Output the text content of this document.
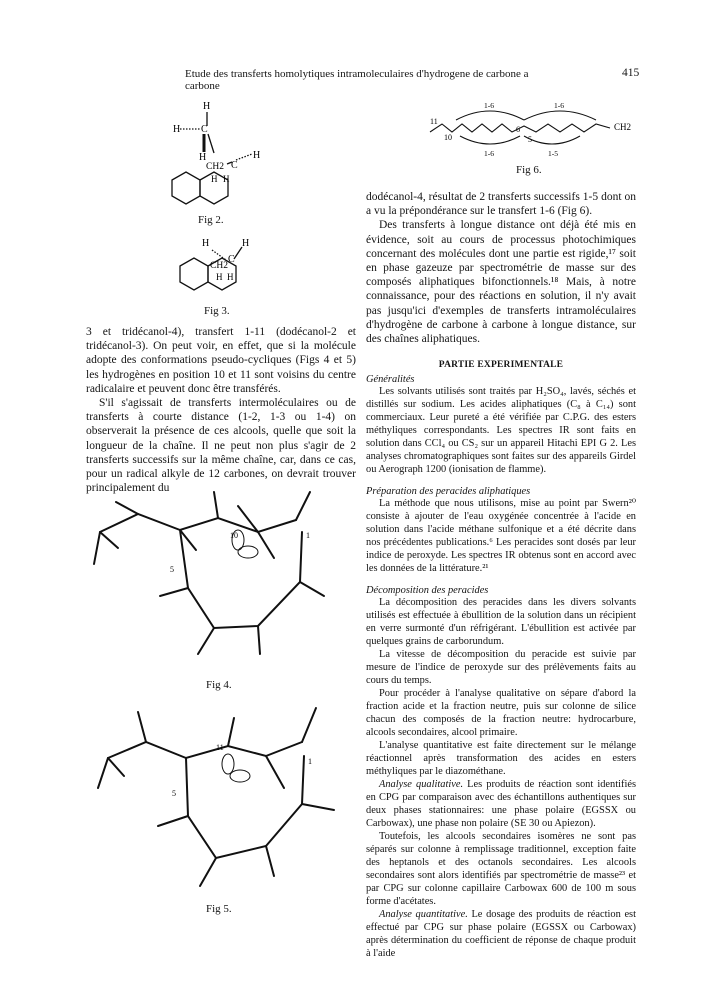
Etude des transferts homolytiques intramoleculaires d'hydrogene de carbone a carbone
415
H
H C
H
CH2 C
H
H H
Fig 2.
H	H
CH2
C
H H
Fig 3.

3 et tridécanol-4), transfert 1-11 (dodécanol-2 et tridécanol-3). On peut voir, en effet, que si la molécule adopte des conformations pseudo-cycliques (Figs 4 et 5) les hydrogènes en position 10 et 11 sont voisins du centre radicalaire et peuvent donc être transférés.

S'il s'agissait de transferts intermoléculaires ou de transferts à courte distance (1-2, 1-3 ou 1-4) on observerait la présence de ces alcools, quelle que soit la longueur de la chaîne. Il ne peut non plus s'agir de 2 transferts successifs sur la même chaîne, car, dans ce cas, pour un radical alkyle de 12 carbones, on devrait trouver principalement du

10	1
5
Fig 4.
11
1
5
Fig 5.
1-6	1-6
11
10
6
5
CH2
1-6	1-5
Fig 6.

dodécanol-4, résultat de 2 transferts successifs 1-5 dont on a vu la prépondérance sur le transfert 1-6 (Fig 6).

Des transferts à longue distance ont déjà été mis en évidence, soit au cours de processus photochimiques concernant des molécules dont une partie est rigide,¹⁷ soit en phase gazeuze par spectrométrie de masse sur des composés aliphatiques bifonctionnels.¹⁸ Mais, à notre connaissance, pour des réactions en solution, il n'y avait pas jusqu'ici d'exemples de transferts intramoléculaires d'hydrogène de carbone à carbone à longue distance, sur des chaînes aliphatiques.

PARTIE EXPERIMENTALE
Généralités

Les solvants utilisés sont traités par H₂SO₄, lavés, séchés et distillés sur sodium. Les acides aliphatiques (C₈ à C₁₄) sont commerciaux. Leur pureté a été vérifiée par C.P.G. des esters méthyliques correspondants. Les spectres IR sont faits en solution dans CCl₄ ou CS₂ sur un appareil Hitachi EPI G 2. Les analyses chromatographiques sont faites sur des appareils Girdel ou Aerograph 1200 (ionisation de flamme).

Préparation des peracides aliphatiques

La méthode que nous utilisons, mise au point par Swern²⁰ consiste à ajouter de l'eau oxygénée concentrée à l'acide en solution dans l'acide méthane sulfonique et a été décrite dans nos précédentes publications.⁶ Les peracides sont dosés par leur indice de peroxyde. Les spectres IR obtenus sont en accord avec les données de la littérature.²¹

Décomposition des peracides

La décomposition des peracides dans les divers solvants utilisés est effectuée à ébullition de la solution dans un récipient en verre surmonté d'un réfrigérant. L'ébullition est activée par quelques grains de carborundum.

La vitesse de décomposition du peracide est suivie par mesure de l'indice de peroxyde sur des prélèvements faits au cours du temps.

Pour procéder à l'analyse qualitative on sépare d'abord la fraction acide et la fraction neutre, puis sur colonne de silice chacun des composés de la fraction neutre: hydrocarbure, alcools secondaires, alcool primaire.

L'analyse quantitative est faite directement sur le mélange réactionnel après transformation des acides en esters méthyliques par le diazométhane.

Analyse qualitative. Les produits de réaction sont identifiés en CPG par comparaison avec des échantillons authentiques sur deux phases stationnaires: une phase polaire (EGSSX ou Carbowax), une phase non polaire (SE 30 ou Apiezon).

Toutefois, les alcools secondaires isomères ne sont pas séparés sur colonne à remplissage traditionnel, exception faite des heptanols et des octanols secondaires. Les alcools secondaires sont alors identifiés par spectrométrie de masse²³ et par CPG sur colonne capillaire Carbowax 600 de 100 m sous forme d'acétates.

Analyse quantitative. Le dosage des produits de réaction est effectué par CPG sur phase polaire (EGSSX ou Carbowax) après détermination du coefficient de réponse de chaque produit à l'aide
